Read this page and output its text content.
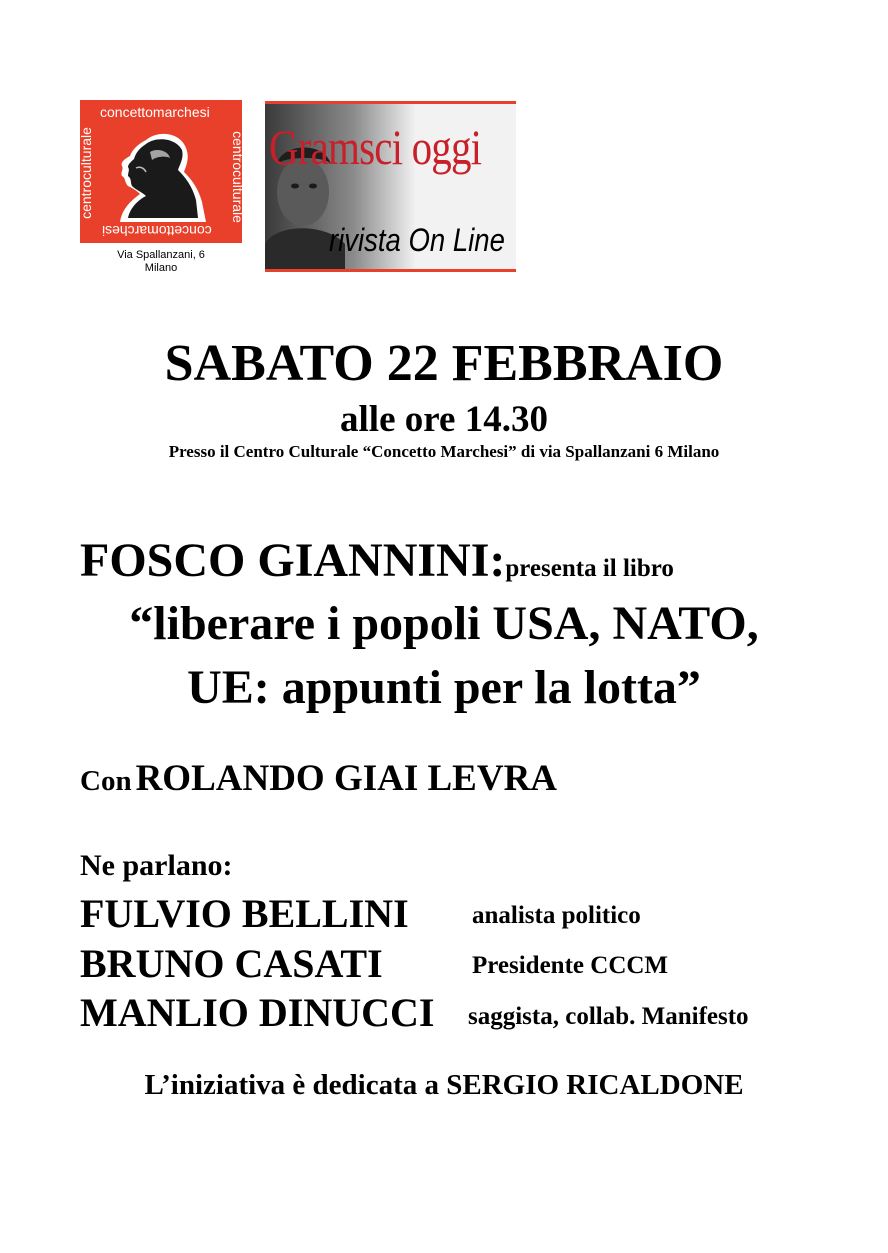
concettomarchesi
centroculturale
concettomarchesi
centroculturale
Via Spallanzani, 6
Milano
Gramsci oggi
rivista On Line
SABATO 22 FEBBRAIO
alle ore 14.30
Presso il Centro Culturale “Concetto Marchesi” di via Spallanzani 6 Milano
FOSCO GIANNINI:presenta il libro
“liberare i popoli USA, NATO,
UE: appunti per la lotta”
Con ROLANDO GIAI LEVRA
Ne parlano:
FULVIO BELLINI	analista politico
BRUNO CASATI	Presidente CCCM
MANLIO DINUCCI saggista, collab. Manifesto
L’iniziativa è dedicata a SERGIO RICALDONE
